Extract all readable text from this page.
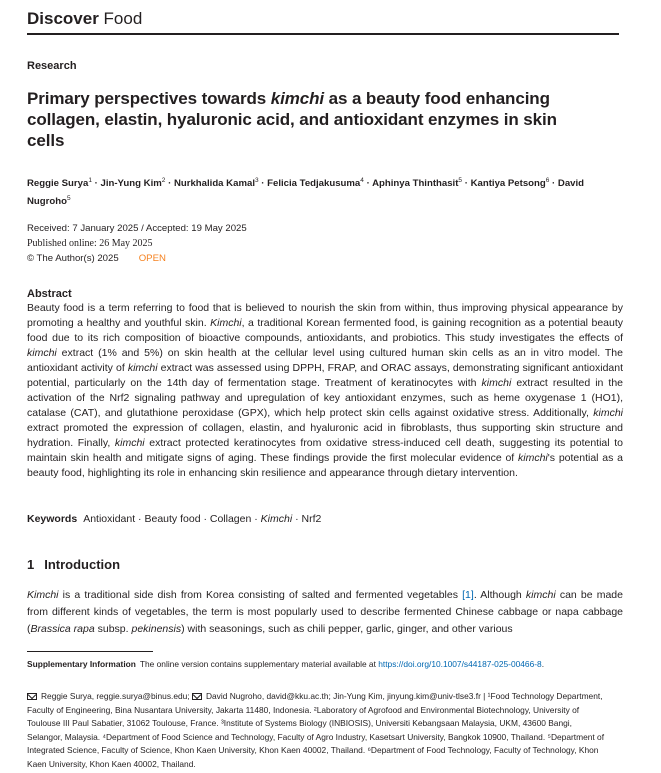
Discover Food
Research
Primary perspectives towards kimchi as a beauty food enhancing collagen, elastin, hyaluronic acid, and antioxidant enzymes in skin cells
Reggie Surya$^1$ · Jin-Yung Kim$^2$ · Nurkhalida Kamal$^3$ · Felicia Tedjakusuma$^4$ · Aphinya Thinthasit$^5$ · Kantiya Petsong$^6$ · David Nugroho$^5$
Received: 7 January 2025 / Accepted: 19 May 2025
Published online: 26 May 2025
© The Author(s) 2025 OPEN
Abstract
Beauty food is a term referring to food that is believed to nourish the skin from within, thus improving physical appearance by promoting a healthy and youthful skin. Kimchi, a traditional Korean fermented food, is gaining recognition as a potential beauty food due to its rich composition of bioactive compounds, antioxidants, and probiotics. This study investigates the effects of kimchi extract (1% and 5%) on skin health at the cellular level using cultured human skin cells as an in vitro model. The antioxidant activity of kimchi extract was assessed using DPPH, FRAP, and ORAC assays, demonstrating significant antioxidant potential, particularly on the 14th day of fermentation stage. Treatment of keratinocytes with kimchi extract resulted in the activation of the Nrf2 signaling pathway and upregulation of key antioxidant enzymes, such as heme oxygenase 1 (HO1), catalase (CAT), and glutathione peroxidase (GPX), which help protect skin cells against oxidative stress. Additionally, kimchi extract promoted the expression of collagen, elastin, and hyaluronic acid in fibroblasts, thus supporting skin structure and hydration. Finally, kimchi extract protected keratinocytes from oxidative stress-induced cell death, suggesting its potential to maintain skin health and mitigate signs of aging. These findings provide the first molecular evidence of kimchi's potential as a beauty food, highlighting its role in enhancing skin resilience and appearance through dietary intervention.
Keywords Antioxidant · Beauty food · Collagen · Kimchi · Nrf2
1 Introduction
Kimchi is a traditional side dish from Korea consisting of salted and fermented vegetables [1]. Although kimchi can be made from different kinds of vegetables, the term is most popularly used to describe fermented Chinese cabbage or napa cabbage (Brassica rapa subsp. pekinensis) with seasonings, such as chili pepper, garlic, ginger, and other various
Supplementary Information The online version contains supplementary material available at https://doi.org/10.1007/s44187-025-00466-8.
Reggie Surya, reggie.surya@binus.edu; David Nugroho, david@kku.ac.th; Jin-Yung Kim, jinyung.kim@univ-tlse3.fr | ¹Food Technology Department, Faculty of Engineering, Bina Nusantara University, Jakarta 11480, Indonesia. ²Laboratory of Agrofood and Environmental Biotechnology, University of Toulouse III Paul Sabatier, 31062 Toulouse, France. ³Institute of Systems Biology (INBIOSIS), Universiti Kebangsaan Malaysia, UKM, 43600 Bangi, Selangor, Malaysia. ⁴Department of Food Science and Technology, Faculty of Agro Industry, Kasetsart University, Bangkok 10900, Thailand. ⁵Department of Integrated Science, Faculty of Science, Khon Kaen University, Khon Kaen 40002, Thailand. ⁶Department of Food Technology, Faculty of Technology, Khon Kaen University, Khon Kaen 40002, Thailand.
